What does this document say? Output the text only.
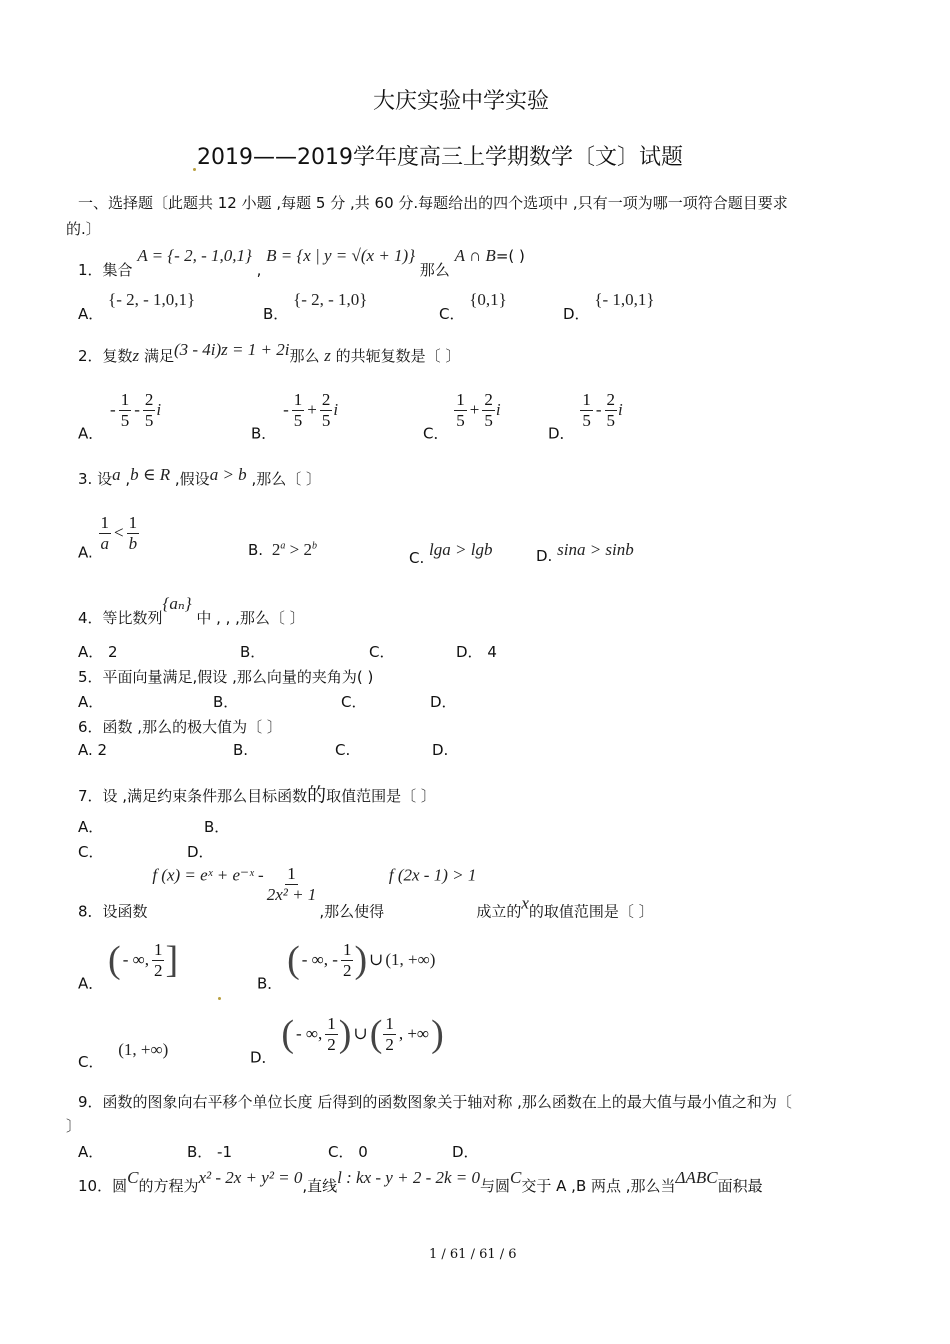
大庆实验中学实验
2019——2019学年度高三上学期数学〔文〕试题
一、选择题〔此题共 12 小题 ,每题 5 分 ,共 60 分.每题给出的四个选项中 ,只有一项为哪一项符合题目要求
的.〕
1．集合 A = {- 2, - 1,0,1} , B = {x | y = √(x + 1)} 那么 A ∩ B=( )
A． {- 2, - 1,0,1}
B． {- 2, - 1,0}
C． {0,1}
D． {- 1,0,1}
2．复数z 满足(3 - 4i)z = 1 + 2i那么 z 的共轭复数是〔 〕
A． - $\frac{1}{5} - \frac{2}{5}$ i
B． - $\frac{1}{5} + \frac{2}{5}$ i
C．
$\frac{1}{5} + \frac{2}{5}$ i
D．
$\frac{1}{5} - \frac{2}{5}$ i
3. 设a ,b ∈ R ,假设a > b ,那么〔 〕
A. $\frac{1}{a} < \frac{1}{b}$	B. $2^a > 2^b$
C. lga > lgb	D. sina > sinb
4．等比数列{aₙ} 中 , , ,那么〔 〕
A． 2	B．	C．	D． 4
5．平面向量满足,假设 ,那么向量的夹角为( )
A．	B．	C．	D．
6．函数 ,那么的极大值为〔 〕
A. 2	B.	C.	D.
7．设 ,满足约束条件那么目标函数的取值范围是〔 〕
A．	B．
C．	D．
8．设函数 f (x) = eˣ + e⁻ˣ - $\frac{1}{\text{2x² + 1}}$
,那么使得 f (2x - 1) > 1成立的x的取值范围是〔 〕
A． ( - ∞, $\frac{1}{2}$ ]
B． ( - ∞, - $\frac{1}{2}$ ) ∪ (1, +∞)
C． (1, +∞)	D． ( - ∞, $\frac{1}{2}$ ) ∪( $\frac{1}{2}$ , +∞)
9．函数的图象向右平移个单位长度 后得到的函数图象关于轴对称 ,那么函数在上的最大值与最小值之和为〔
〕
A．	B． -1	C． 0	D．
10．圆C的方程为x² - 2x + y² = 0,直线l : kx - y + 2 - 2k = 0与圆C交于 A ,B 两点 ,那么当ΔABC面积最
1 / 61 / 61 / 6
